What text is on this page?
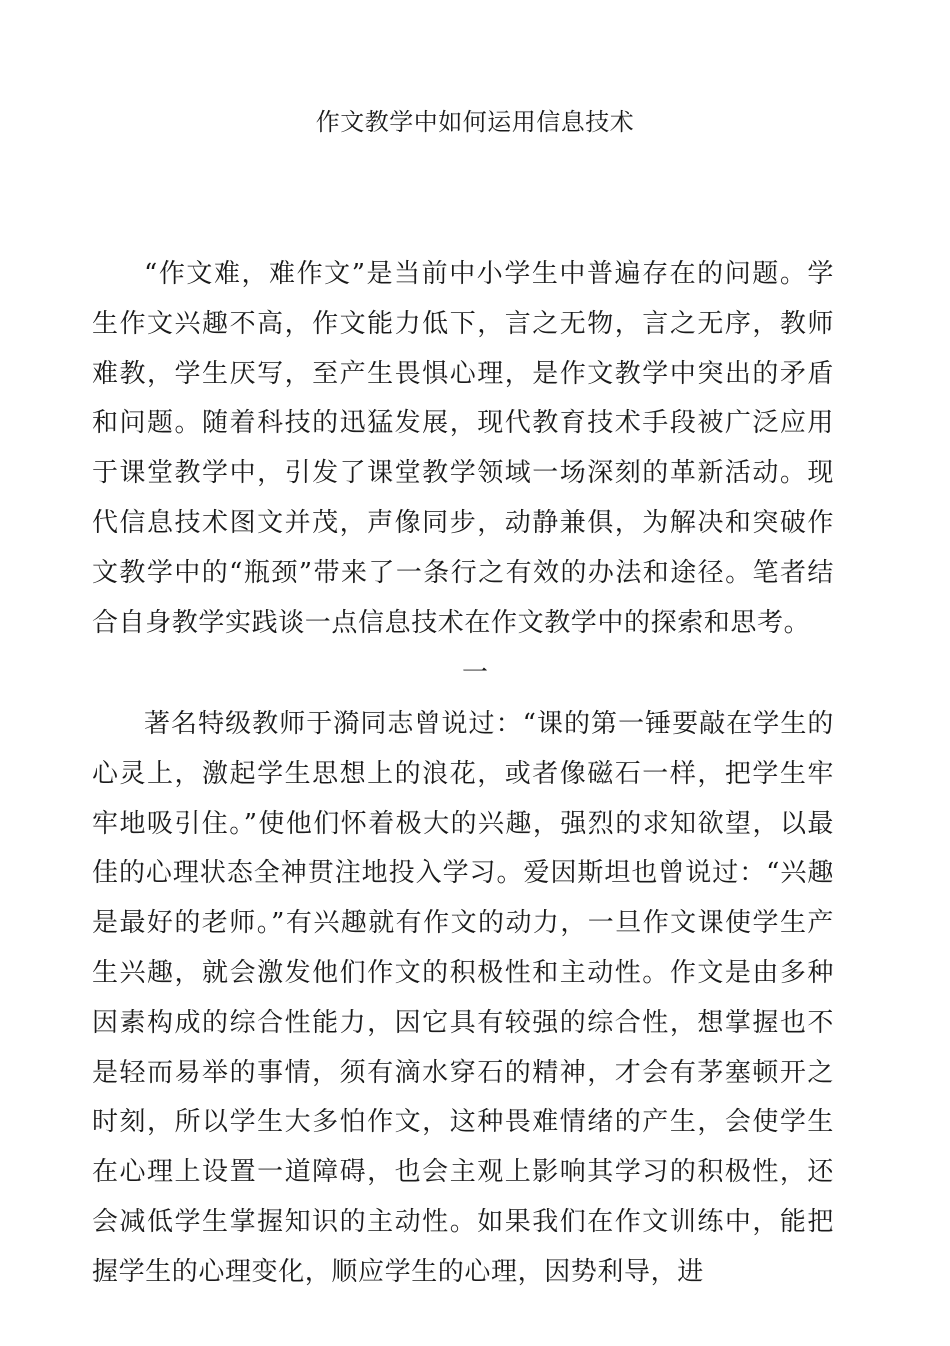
作文教学中如何运用信息技术

“作文难，难作文”是当前中小学生中普遍存在的问题。学生作文兴趣不高，作文能力低下，言之无物，言之无序，教师难教，学生厌写，至产生畏惧心理，是作文教学中突出的矛盾和问题。随着科技的迅猛发展，现代教育技术手段被广泛应用于课堂教学中，引发了课堂教学领域一场深刻的革新活动。现代信息技术图文并茂，声像同步，动静兼俱，为解决和突破作文教学中的“瓶颈”带来了一条行之有效的办法和途径。笔者结合自身教学实践谈一点信息技术在作文教学中的探索和思考。

一

著名特级教师于漪同志曾说过：“课的第一锤要敲在学生的心灵上，激起学生思想上的浪花，或者像磁石一样，把学生牢牢地吸引住。”使他们怀着极大的兴趣，强烈的求知欲望，以最佳的心理状态全神贯注地投入学习。爱因斯坦也曾说过：“兴趣是最好的老师。”有兴趣就有作文的动力，一旦作文课使学生产生兴趣，就会激发他们作文的积极性和主动性。作文是由多种因素构成的综合性能力，因它具有较强的综合性，想掌握也不是轻而易举的事情，须有滴水穿石的精神，才会有茅塞顿开之时刻，所以学生大多怕作文，这种畏难情绪的产生，会使学生在心理上设置一道障碍，也会主观上影响其学习的积极性，还会减低学生掌握知识的主动性。如果我们在作文训练中，能把握学生的心理变化，顺应学生的心理，因势利导，进
